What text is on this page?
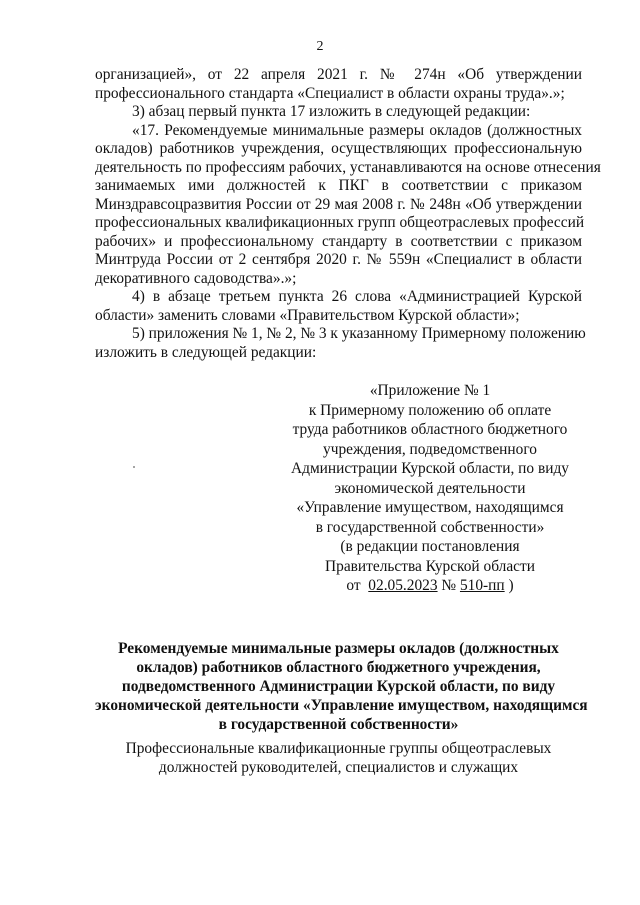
2
организацией», от 22 апреля 2021 г. № 274н «Об утверждении
профессионального стандарта «Специалист в области охраны труда».»;
3) абзац первый пункта 17 изложить в следующей редакции:
«17. Рекомендуемые минимальные размеры окладов (должностных
окладов) работников учреждения, осуществляющих профессиональную
деятельность по профессиям рабочих, устанавливаются на основе отнесения
занимаемых ими должностей к ПКГ в соответствии с приказом
Минздравсоцразвития России от 29 мая 2008 г. № 248н «Об утверждении
профессиональных квалификационных групп общеотраслевых профессий
рабочих» и профессиональному стандарту в соответствии с приказом
Минтруда России от 2 сентября 2020 г. № 559н «Специалист в области
декоративного садоводства».»;
4) в абзаце третьем пункта 26 слова «Администрацией Курской
области» заменить словами «Правительством Курской области»;
5) приложения № 1, № 2, № 3 к указанному Примерному положению
изложить в следующей редакции:
«Приложение № 1
к Примерному положению об оплате
труда работников областного бюджетного
учреждения, подведомственного
Администрации Курской области, по виду
экономической деятельности
«Управление имуществом, находящимся
в государственной собственности»
(в редакции постановления
Правительства Курской области
от  02.05.2023 № 510-пп )
Рекомендуемые минимальные размеры окладов (должностных
окладов) работников областного бюджетного учреждения,
подведомственного Администрации Курской области, по виду
экономической деятельности «Управление имуществом, находящимся
в государственной собственности»
Профессиональные квалификационные группы общеотраслевых
должностей руководителей, специалистов и служащих
